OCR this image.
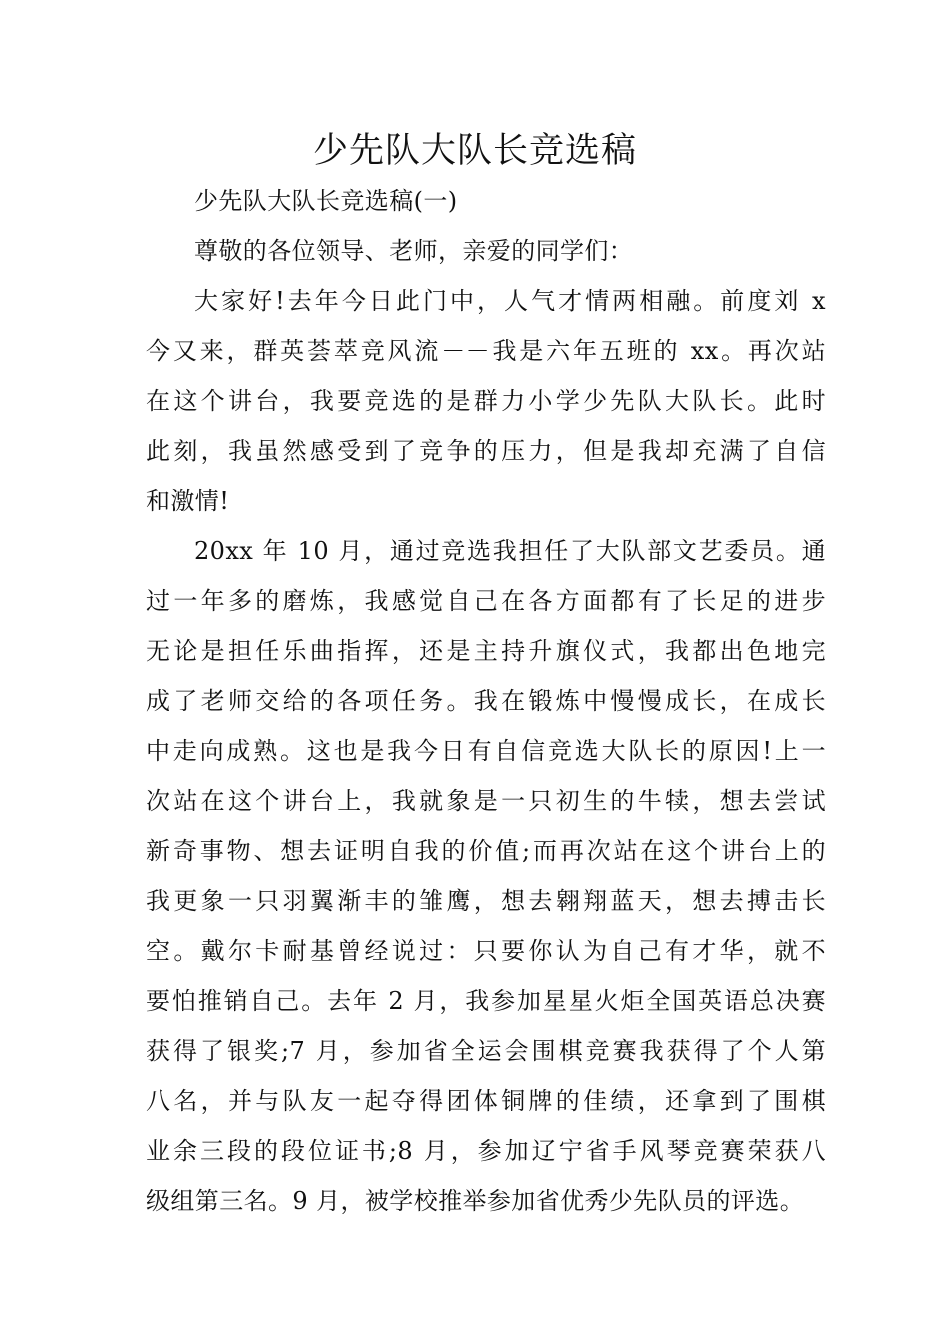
少先队大队长竞选稿
少先队大队长竞选稿(一)
尊敬的各位领导、老师，亲爱的同学们：
大家好!去年今日此门中，人气才情两相融。前度刘 x
今又来，群英荟萃竞风流－－我是六年五班的 xx。再次站
在这个讲台，我要竞选的是群力小学少先队大队长。此时
此刻，我虽然感受到了竞争的压力，但是我却充满了自信
和激情!
20xx 年 10 月，通过竞选我担任了大队部文艺委员。通
过一年多的磨炼，我感觉自己在各方面都有了长足的进步
无论是担任乐曲指挥，还是主持升旗仪式，我都出色地完
成了老师交给的各项任务。我在锻炼中慢慢成长，在成长
中走向成熟。这也是我今日有自信竞选大队长的原因!上一
次站在这个讲台上，我就象是一只初生的牛犊，想去尝试
新奇事物、想去证明自我的价值;而再次站在这个讲台上的
我更象一只羽翼渐丰的雏鹰，想去翱翔蓝天，想去搏击长
空。戴尔卡耐基曾经说过：只要你认为自己有才华，就不
要怕推销自己。去年 2 月，我参加星星火炬全国英语总决赛
获得了银奖;7 月，参加省全运会围棋竞赛我获得了个人第
八名，并与队友一起夺得团体铜牌的佳绩，还拿到了围棋
业余三段的段位证书;8 月，参加辽宁省手风琴竞赛荣获八
级组第三名。9 月，被学校推举参加省优秀少先队员的评选。
